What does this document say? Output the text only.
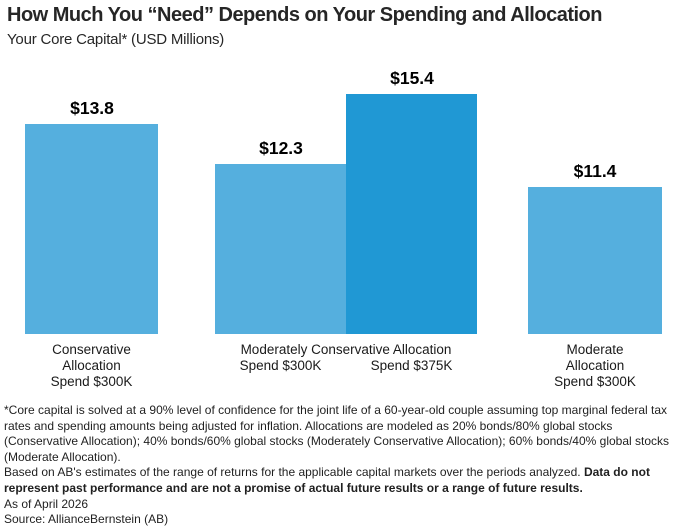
How Much You “Need” Depends on Your Spending and Allocation
Your Core Capital* (USD Millions)
$13.8
$12.3
$15.4
$11.4
Conservative
Allocation
Spend $300K
Moderately Conservative Allocation
Spend $300K	Spend $375K
Moderate
Allocation
Spend $300K

*Core capital is solved at a 90% level of confidence for the joint life of a 60-year-old couple assuming top marginal federal tax rates and spending amounts being adjusted for inflation. Allocations are modeled as 20% bonds/80% global stocks (Conservative Allocation); 40% bonds/60% global stocks (Moderately Conservative Allocation); 60% bonds/40% global stocks (Moderate Allocation).

Based on AB's estimates of the range of returns for the applicable capital markets over the periods analyzed. Data do not represent past performance and are not a promise of actual future results or a range of future results.

As of April 2026

Source: AllianceBernstein (AB)
